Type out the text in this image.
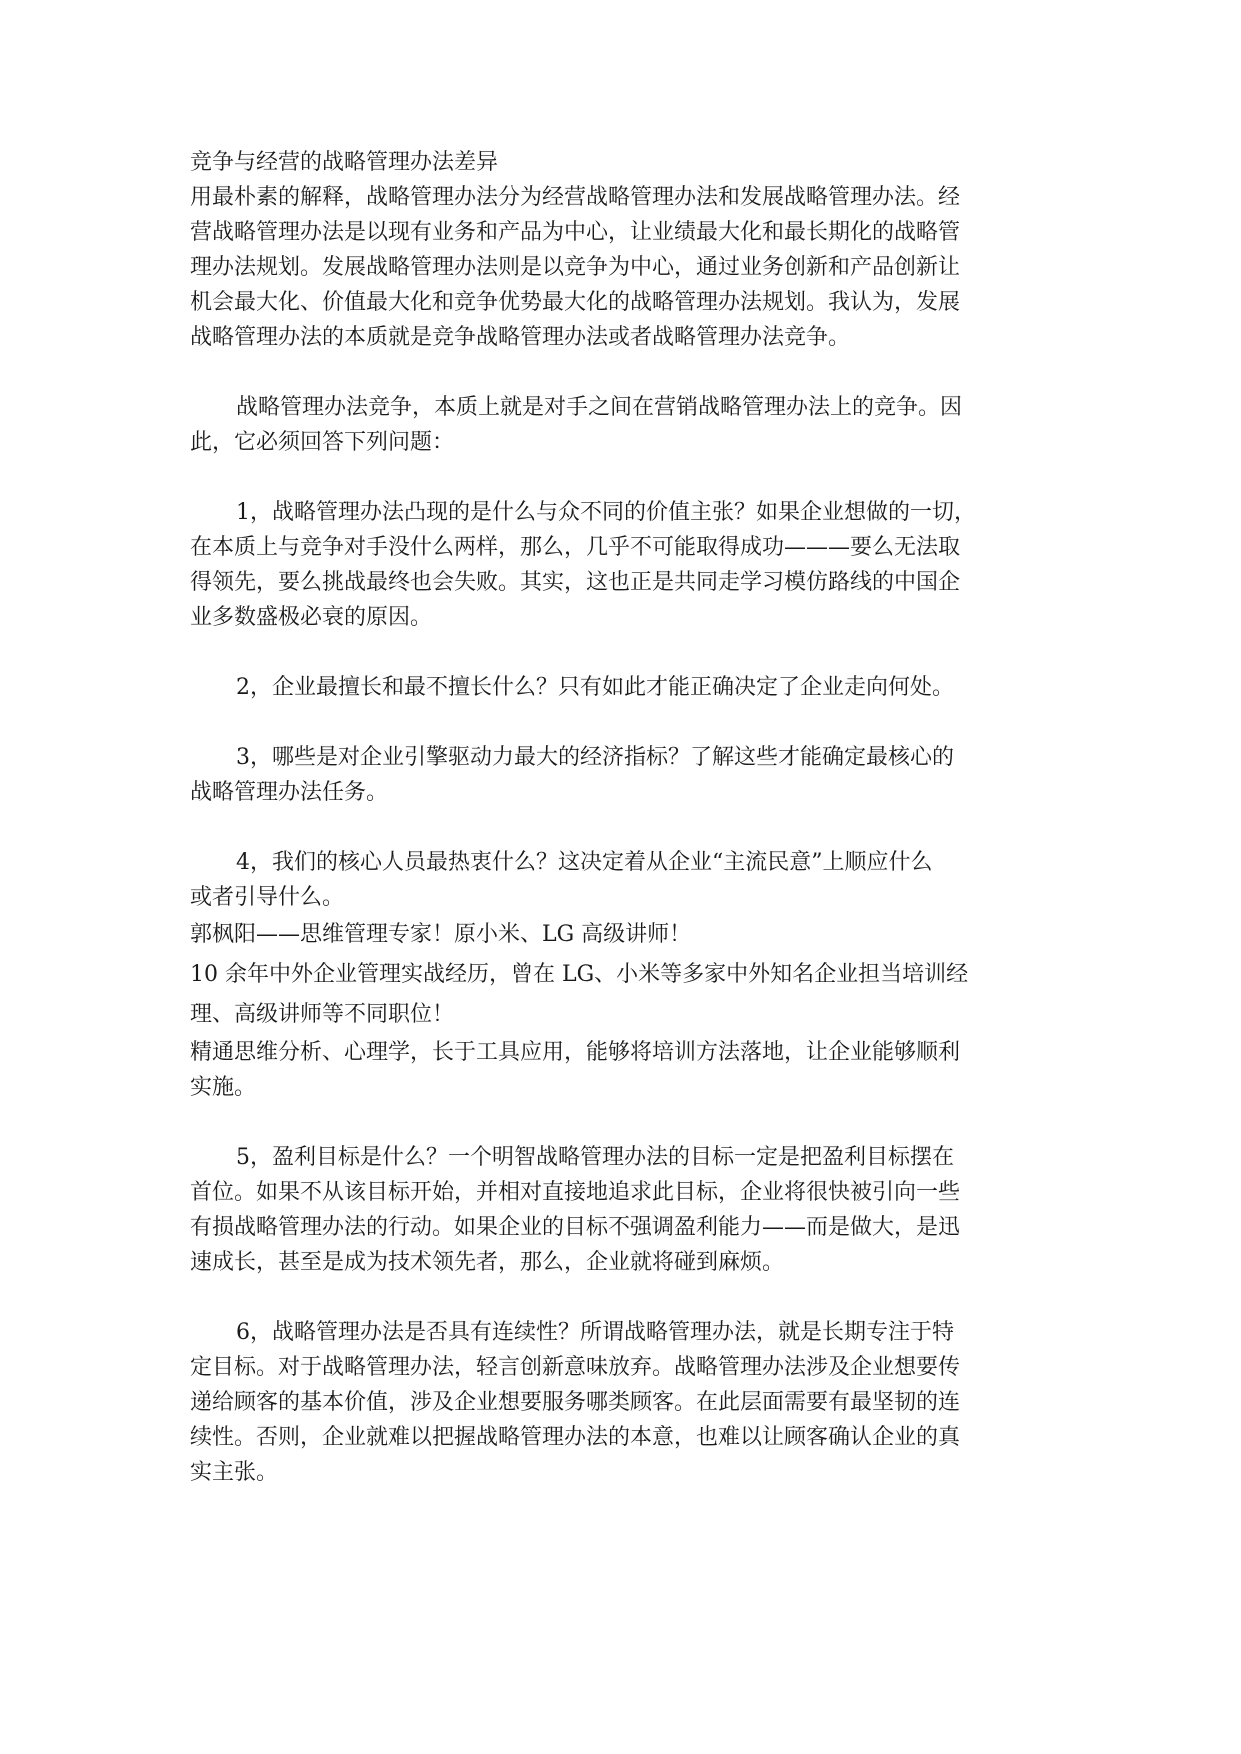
竞争与经营的战略管理办法差异
用最朴素的解释，战略管理办法分为经营战略管理办法和发展战略管理办法。经
营战略管理办法是以现有业务和产品为中心，让业绩最大化和最长期化的战略管
理办法规划。发展战略管理办法则是以竞争为中心，通过业务创新和产品创新让
机会最大化、价值最大化和竞争优势最大化的战略管理办法规划。我认为，发展
战略管理办法的本质就是竞争战略管理办法或者战略管理办法竞争。
战略管理办法竞争，本质上就是对手之间在营销战略管理办法上的竞争。因
此，它必须回答下列问题：
1，战略管理办法凸现的是什么与众不同的价值主张？如果企业想做的一切，
在本质上与竞争对手没什么两样，那么，几乎不可能取得成功———要么无法取
得领先，要么挑战最终也会失败。其实，这也正是共同走学习模仿路线的中国企
业多数盛极必衰的原因。
2，企业最擅长和最不擅长什么？只有如此才能正确决定了企业走向何处。
3，哪些是对企业引擎驱动力最大的经济指标？了解这些才能确定最核心的
战略管理办法任务。
4，我们的核心人员最热衷什么？这决定着从企业“主流民意”上顺应什么
或者引导什么。
郭枫阳——思维管理专家！原小米、LG 高级讲师！
10 余年中外企业管理实战经历，曾在 LG、小米等多家中外知名企业担当培训经
理、高级讲师等不同职位！
精通思维分析、心理学，长于工具应用，能够将培训方法落地，让企业能够顺利
实施。
5，盈利目标是什么？一个明智战略管理办法的目标一定是把盈利目标摆在
首位。如果不从该目标开始，并相对直接地追求此目标，企业将很快被引向一些
有损战略管理办法的行动。如果企业的目标不强调盈利能力——而是做大，是迅
速成长，甚至是成为技术领先者，那么，企业就将碰到麻烦。
6，战略管理办法是否具有连续性？所谓战略管理办法，就是长期专注于特
定目标。对于战略管理办法，轻言创新意味放弃。战略管理办法涉及企业想要传
递给顾客的基本价值，涉及企业想要服务哪类顾客。在此层面需要有最坚韧的连
续性。否则，企业就难以把握战略管理办法的本意，也难以让顾客确认企业的真
实主张。
